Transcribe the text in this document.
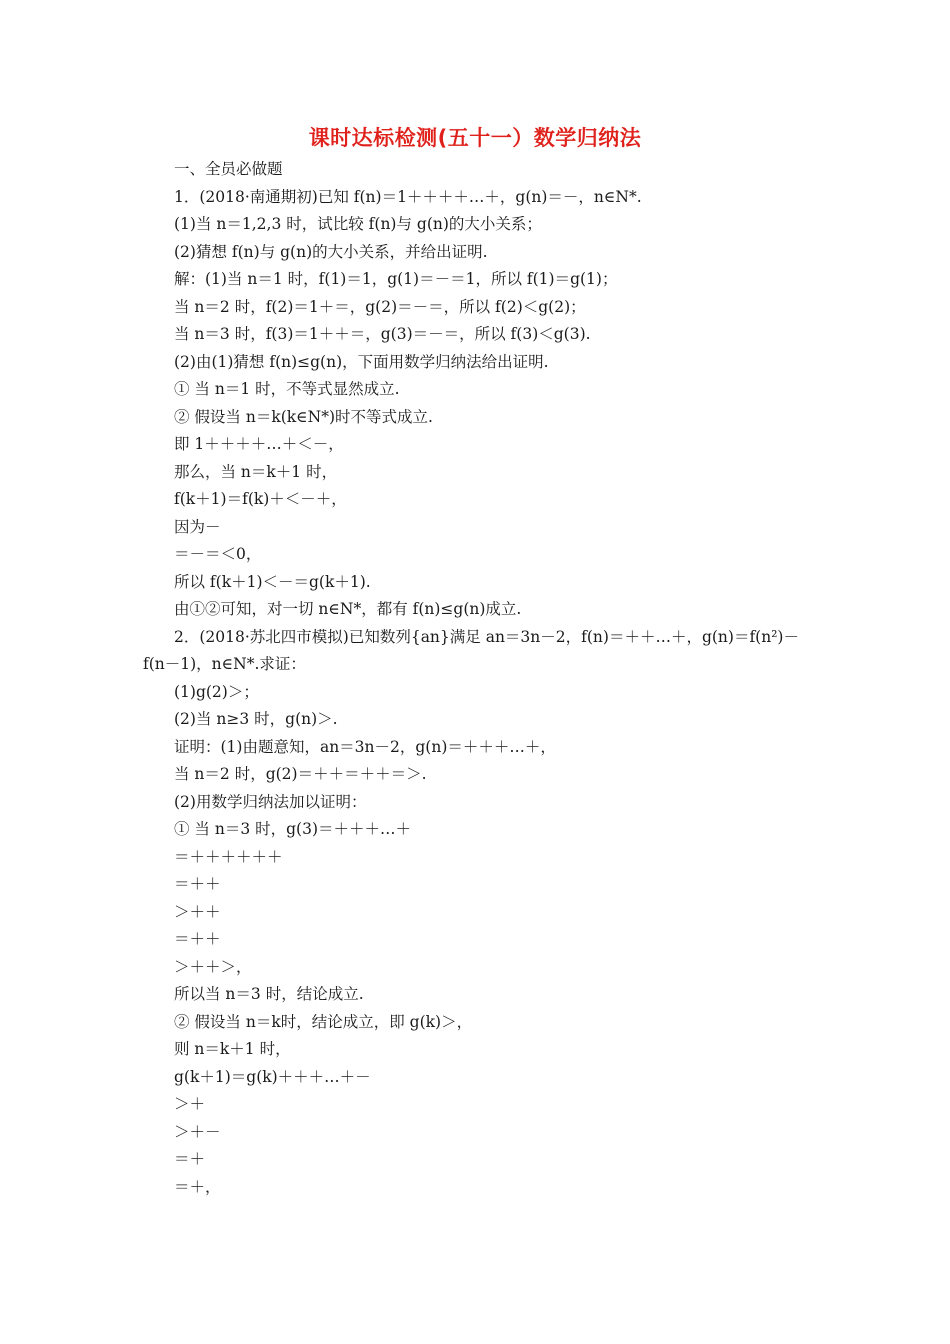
课时达标检测(五十一）数学归纳法
一、全员必做题
1．(2018·南通期初)已知 f(n)＝1＋＋＋＋…＋，g(n)＝－，n∈N*.
(1)当 n＝1,2,3 时，试比较 f(n)与 g(n)的大小关系；
(2)猜想 f(n)与 g(n)的大小关系，并给出证明.
解：(1)当 n＝1 时，f(1)＝1，g(1)＝－＝1，所以 f(1)＝g(1)；
当 n＝2 时，f(2)＝1＋＝，g(2)＝－＝，所以 f(2)＜g(2)；
当 n＝3 时，f(3)＝1＋＋＝，g(3)＝－＝，所以 f(3)＜g(3).
(2)由(1)猜想 f(n)≤g(n)，下面用数学归纳法给出证明.
① 当 n＝1 时，不等式显然成立.
② 假设当 n＝k(k∈N*)时不等式成立.
即 1＋＋＋＋…＋＜－，
那么，当 n＝k＋1 时，
f(k＋1)＝f(k)＋＜－＋，
因为－
＝－＝＜0，
所以 f(k＋1)＜－＝g(k＋1).
由①②可知，对一切 n∈N*，都有 f(n)≤g(n)成立.
2．(2018·苏北四市模拟)已知数列{an}满足 an＝3n－2，f(n)＝＋＋…＋，g(n)＝f(n²)－
f(n－1)，n∈N*.求证：
(1)g(2)＞；
(2)当 n≥3 时，g(n)＞.
证明：(1)由题意知，an＝3n－2，g(n)＝＋＋＋…＋，
当 n＝2 时，g(2)＝＋＋＝＋＋＝＞.
(2)用数学归纳法加以证明：
① 当 n＝3 时，g(3)＝＋＋＋…＋
＝＋＋＋＋＋＋
＝＋＋
＞＋＋
＝＋＋
＞＋＋＞，
所以当 n＝3 时，结论成立.
② 假设当 n＝k时，结论成立，即 g(k)＞，
则 n＝k＋1 时，
g(k＋1)＝g(k)＋＋＋…＋－
＞＋
＞＋－
＝＋
＝＋，
